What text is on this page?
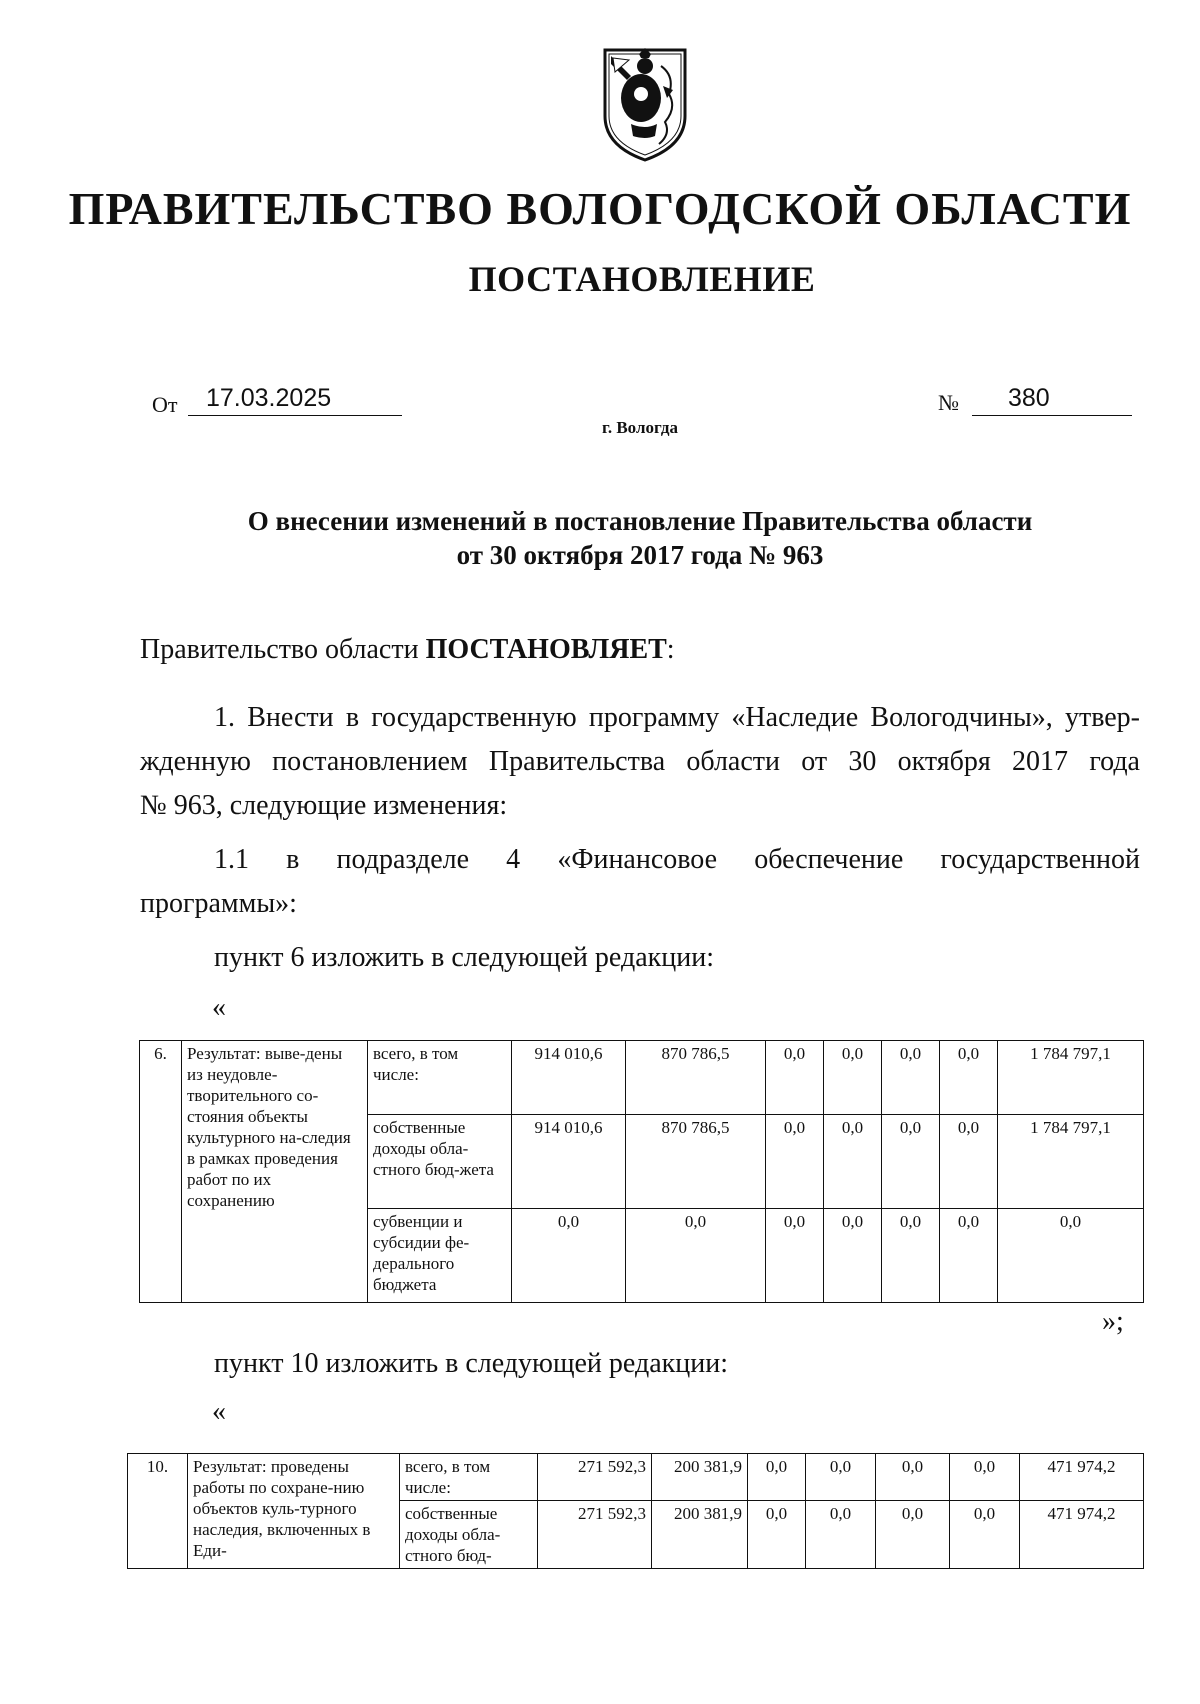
ПРАВИТЕЛЬСТВО ВОЛОГОДСКОЙ ОБЛАСТИ
ПОСТАНОВЛЕНИЕ
От	17.03.2025	№	380
г. Вологда
О внесении изменений в постановление Правительства области
от 30 октября 2017 года № 963
Правительство области ПОСТАНОВЛЯЕТ:
1. Внести в государственную программу «Наследие Вологодчины», утвер-
жденную постановлением Правительства области от 30 октября 2017 года
№ 963, следующие изменения:
1.1 в подразделе 4 «Финансовое обеспечение государственной
программы»:
пункт 6 изложить в следующей редакции:
«
6.	Результат: выве-дены из неудовле-творительного со-стояния объекты культурного на-следия в рамках проведения работ по их сохранению	всего, в том числе:	914 010,6	870 786,5	0,0	0,0	0,0	0,0	1 784 797,1
		собственные доходы обла-стного бюд-жета	914 010,6	870 786,5	0,0	0,0	0,0	0,0	1 784 797,1
		субвенции и субсидии фе-дерального бюджета	0,0	0,0	0,0	0,0	0,0	0,0	0,0
»;
пункт 10 изложить в следующей редакции:
«
10.	Результат: проведены работы по сохране-нию объектов куль-турного наследия, включенных в Еди-	всего, в том числе:	271 592,3	200 381,9	0,0	0,0	0,0	0,0	471 974,2
		собственные доходы обла-стного бюд-	271 592,3	200 381,9	0,0	0,0	0,0	0,0	471 974,2
